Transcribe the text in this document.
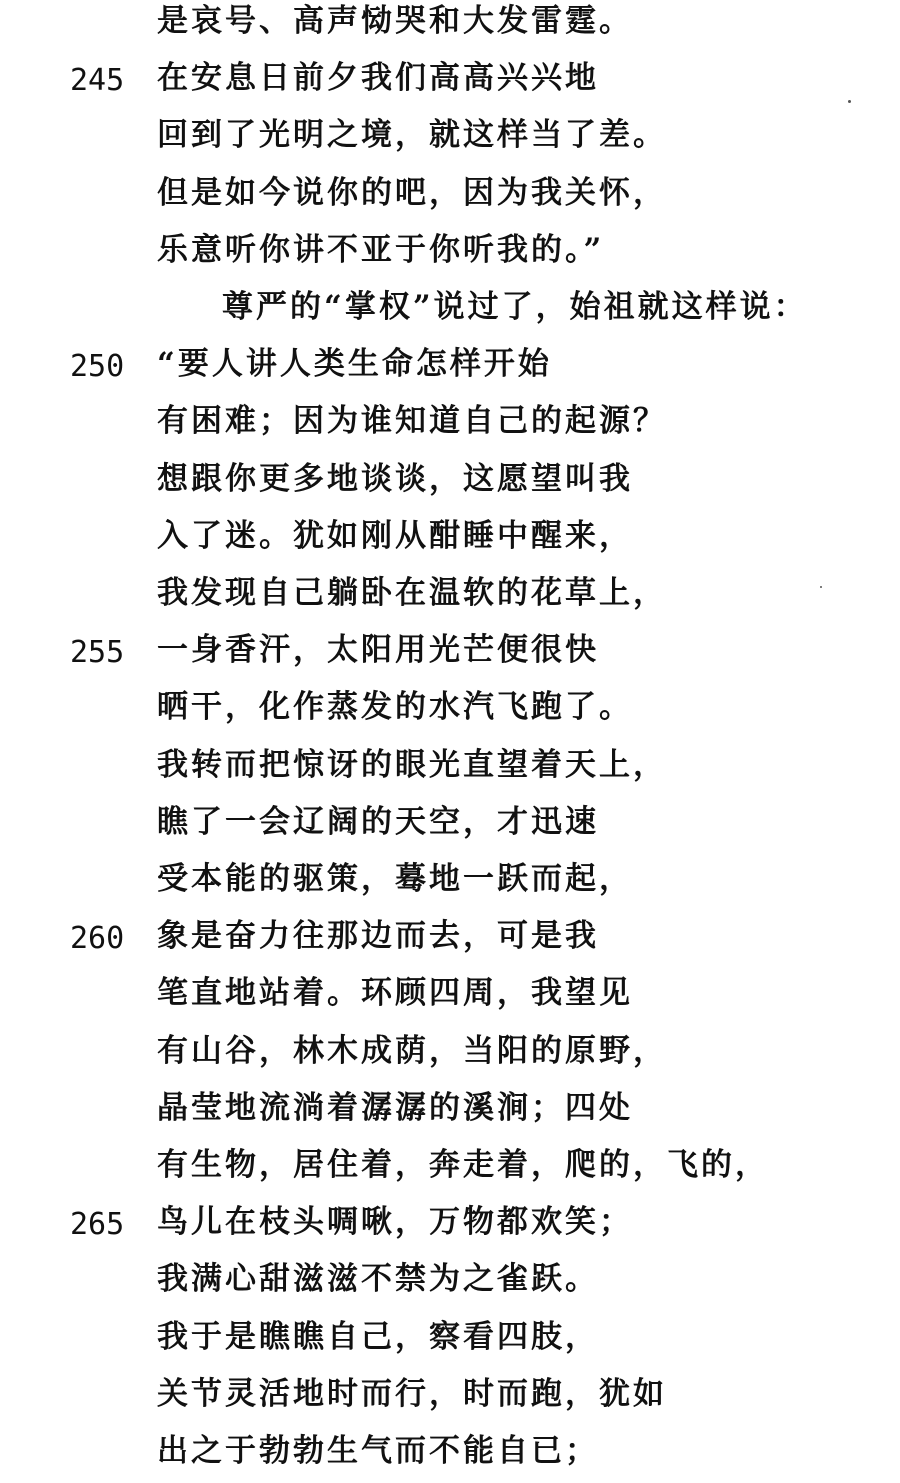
是哀号、高声恸哭和大发雷霆。
245 在安息日前夕我们高高兴兴地
回到了光明之境，就这样当了差。
但是如今说你的吧，因为我关怀，
乐意听你讲不亚于你听我的。”
尊严的“掌权”说过了，始祖就这样说：
250 “要人讲人类生命怎样开始
有困难；因为谁知道自己的起源？
想跟你更多地谈谈，这愿望叫我
入了迷。犹如刚从酣睡中醒来，
我发现自己躺卧在温软的花草上，
255 一身香汗，太阳用光芒便很快
晒干，化作蒸发的水汽飞跑了。
我转而把惊讶的眼光直望着天上，
瞧了一会辽阔的天空，才迅速
受本能的驱策，蓦地一跃而起，
260 象是奋力往那边而去，可是我
笔直地站着。环顾四周，我望见
有山谷，林木成荫，当阳的原野，
晶莹地流淌着潺潺的溪涧；四处
有生物，居住着，奔走着，爬的，飞的，
265 鸟儿在枝头啁啾，万物都欢笑；
我满心甜滋滋不禁为之雀跃。
我于是瞧瞧自己，察看四肢，
关节灵活地时而行，时而跑，犹如
出之于勃勃生气而不能自已；
